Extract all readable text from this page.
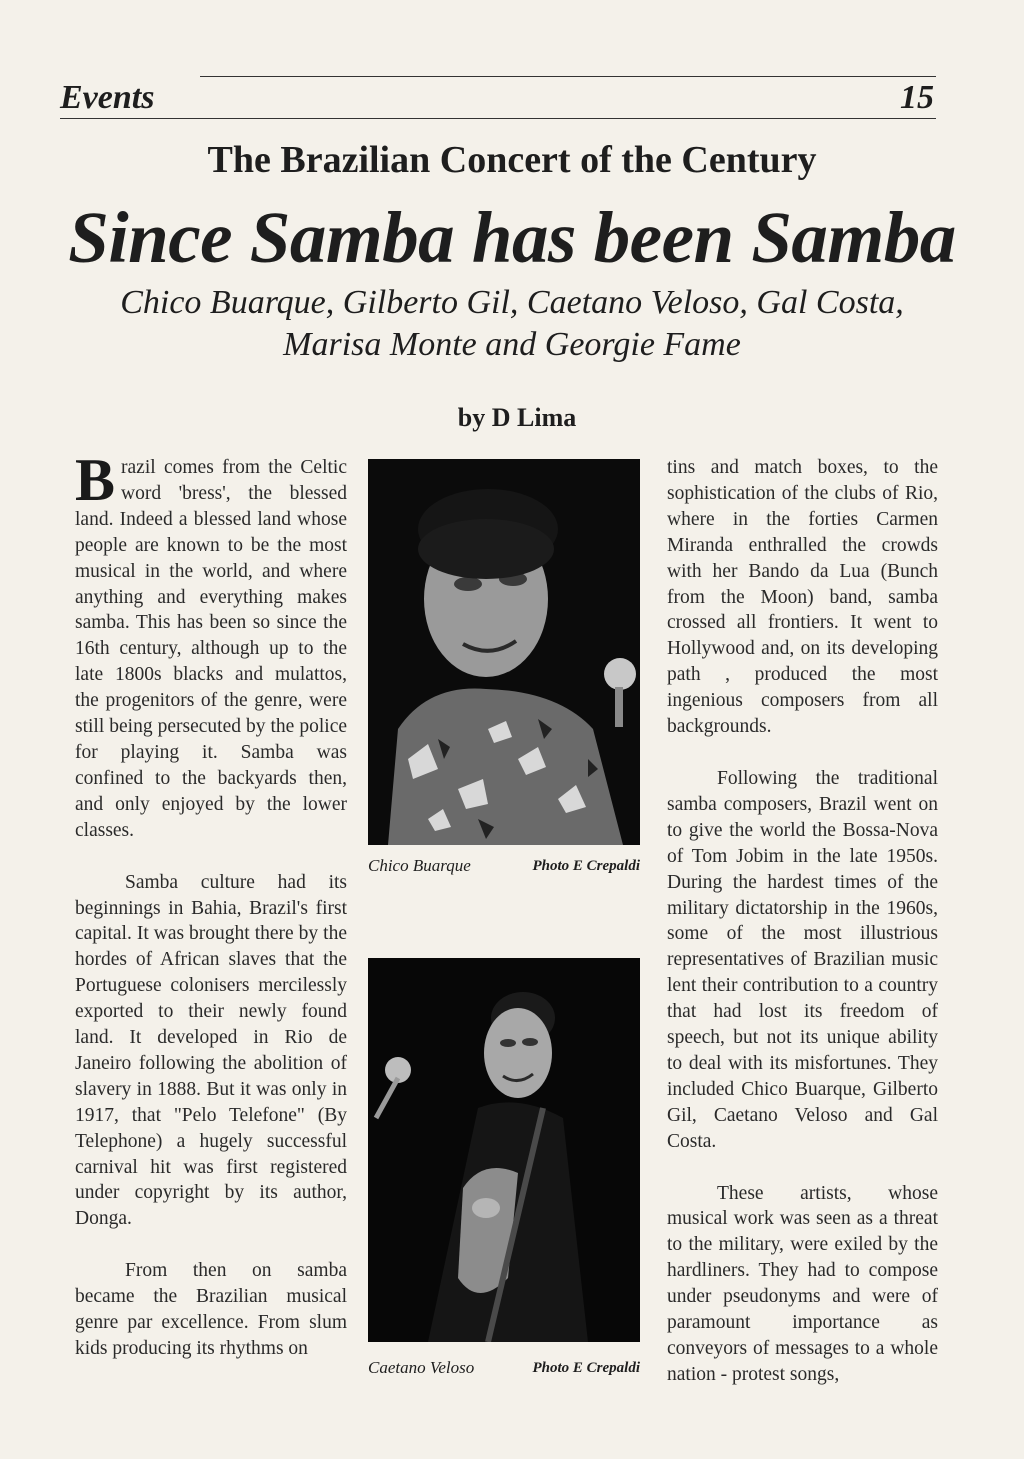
Events	15
The Brazilian Concert of the Century
Since Samba has been Samba
Chico Buarque, Gilberto Gil, Caetano Veloso, Gal Costa,
Marisa Monte and Georgie Fame
by D Lima

Brazil comes from the Celtic word 'bress', the blessed land. Indeed a blessed land whose people are known to be the most musical in the world, and where anything and everything makes samba. This has been so since the 16th century, although up to the late 1800s blacks and mulattos, the progenitors of the genre, were still being persecuted by the police for playing it. Samba was confined to the backyards then, and only enjoyed by the lower classes.

Samba culture had its beginnings in Bahia, Brazil's first capital. It was brought there by the hordes of African slaves that the Portuguese colonisers mercilessly exported to their newly found land. It developed in Rio de Janeiro following the abolition of slavery in 1888. But it was only in 1917, that "Pelo Telefone" (By Telephone) a hugely successful carnival hit was first registered under copyright by its author, Donga.

From then on samba became the Brazilian musical genre par excellence. From slum kids producing its rhythms on

Chico Buarque	Photo E Crepaldi
Caetano Veloso	Photo E Crepaldi

tins and match boxes, to the sophistication of the clubs of Rio, where in the forties Carmen Miranda enthralled the crowds with her Bando da Lua (Bunch from the Moon) band, samba crossed all frontiers. It went to Hollywood and, on its developing path , produced the most ingenious composers from all backgrounds.

Following the traditional samba composers, Brazil went on to give the world the Bossa-Nova of Tom Jobim in the late 1950s. During the hardest times of the military dictatorship in the 1960s, some of the most illustrious representatives of Brazilian music lent their contribution to a country that had lost its freedom of speech, but not its unique ability to deal with its misfortunes. They included Chico Buarque, Gilberto Gil, Caetano Veloso and Gal Costa.

These artists, whose musical work was seen as a threat to the military, were exiled by the hardliners. They had to compose under pseudonyms and were of paramount importance as conveyors of messages to a whole nation - protest songs,
